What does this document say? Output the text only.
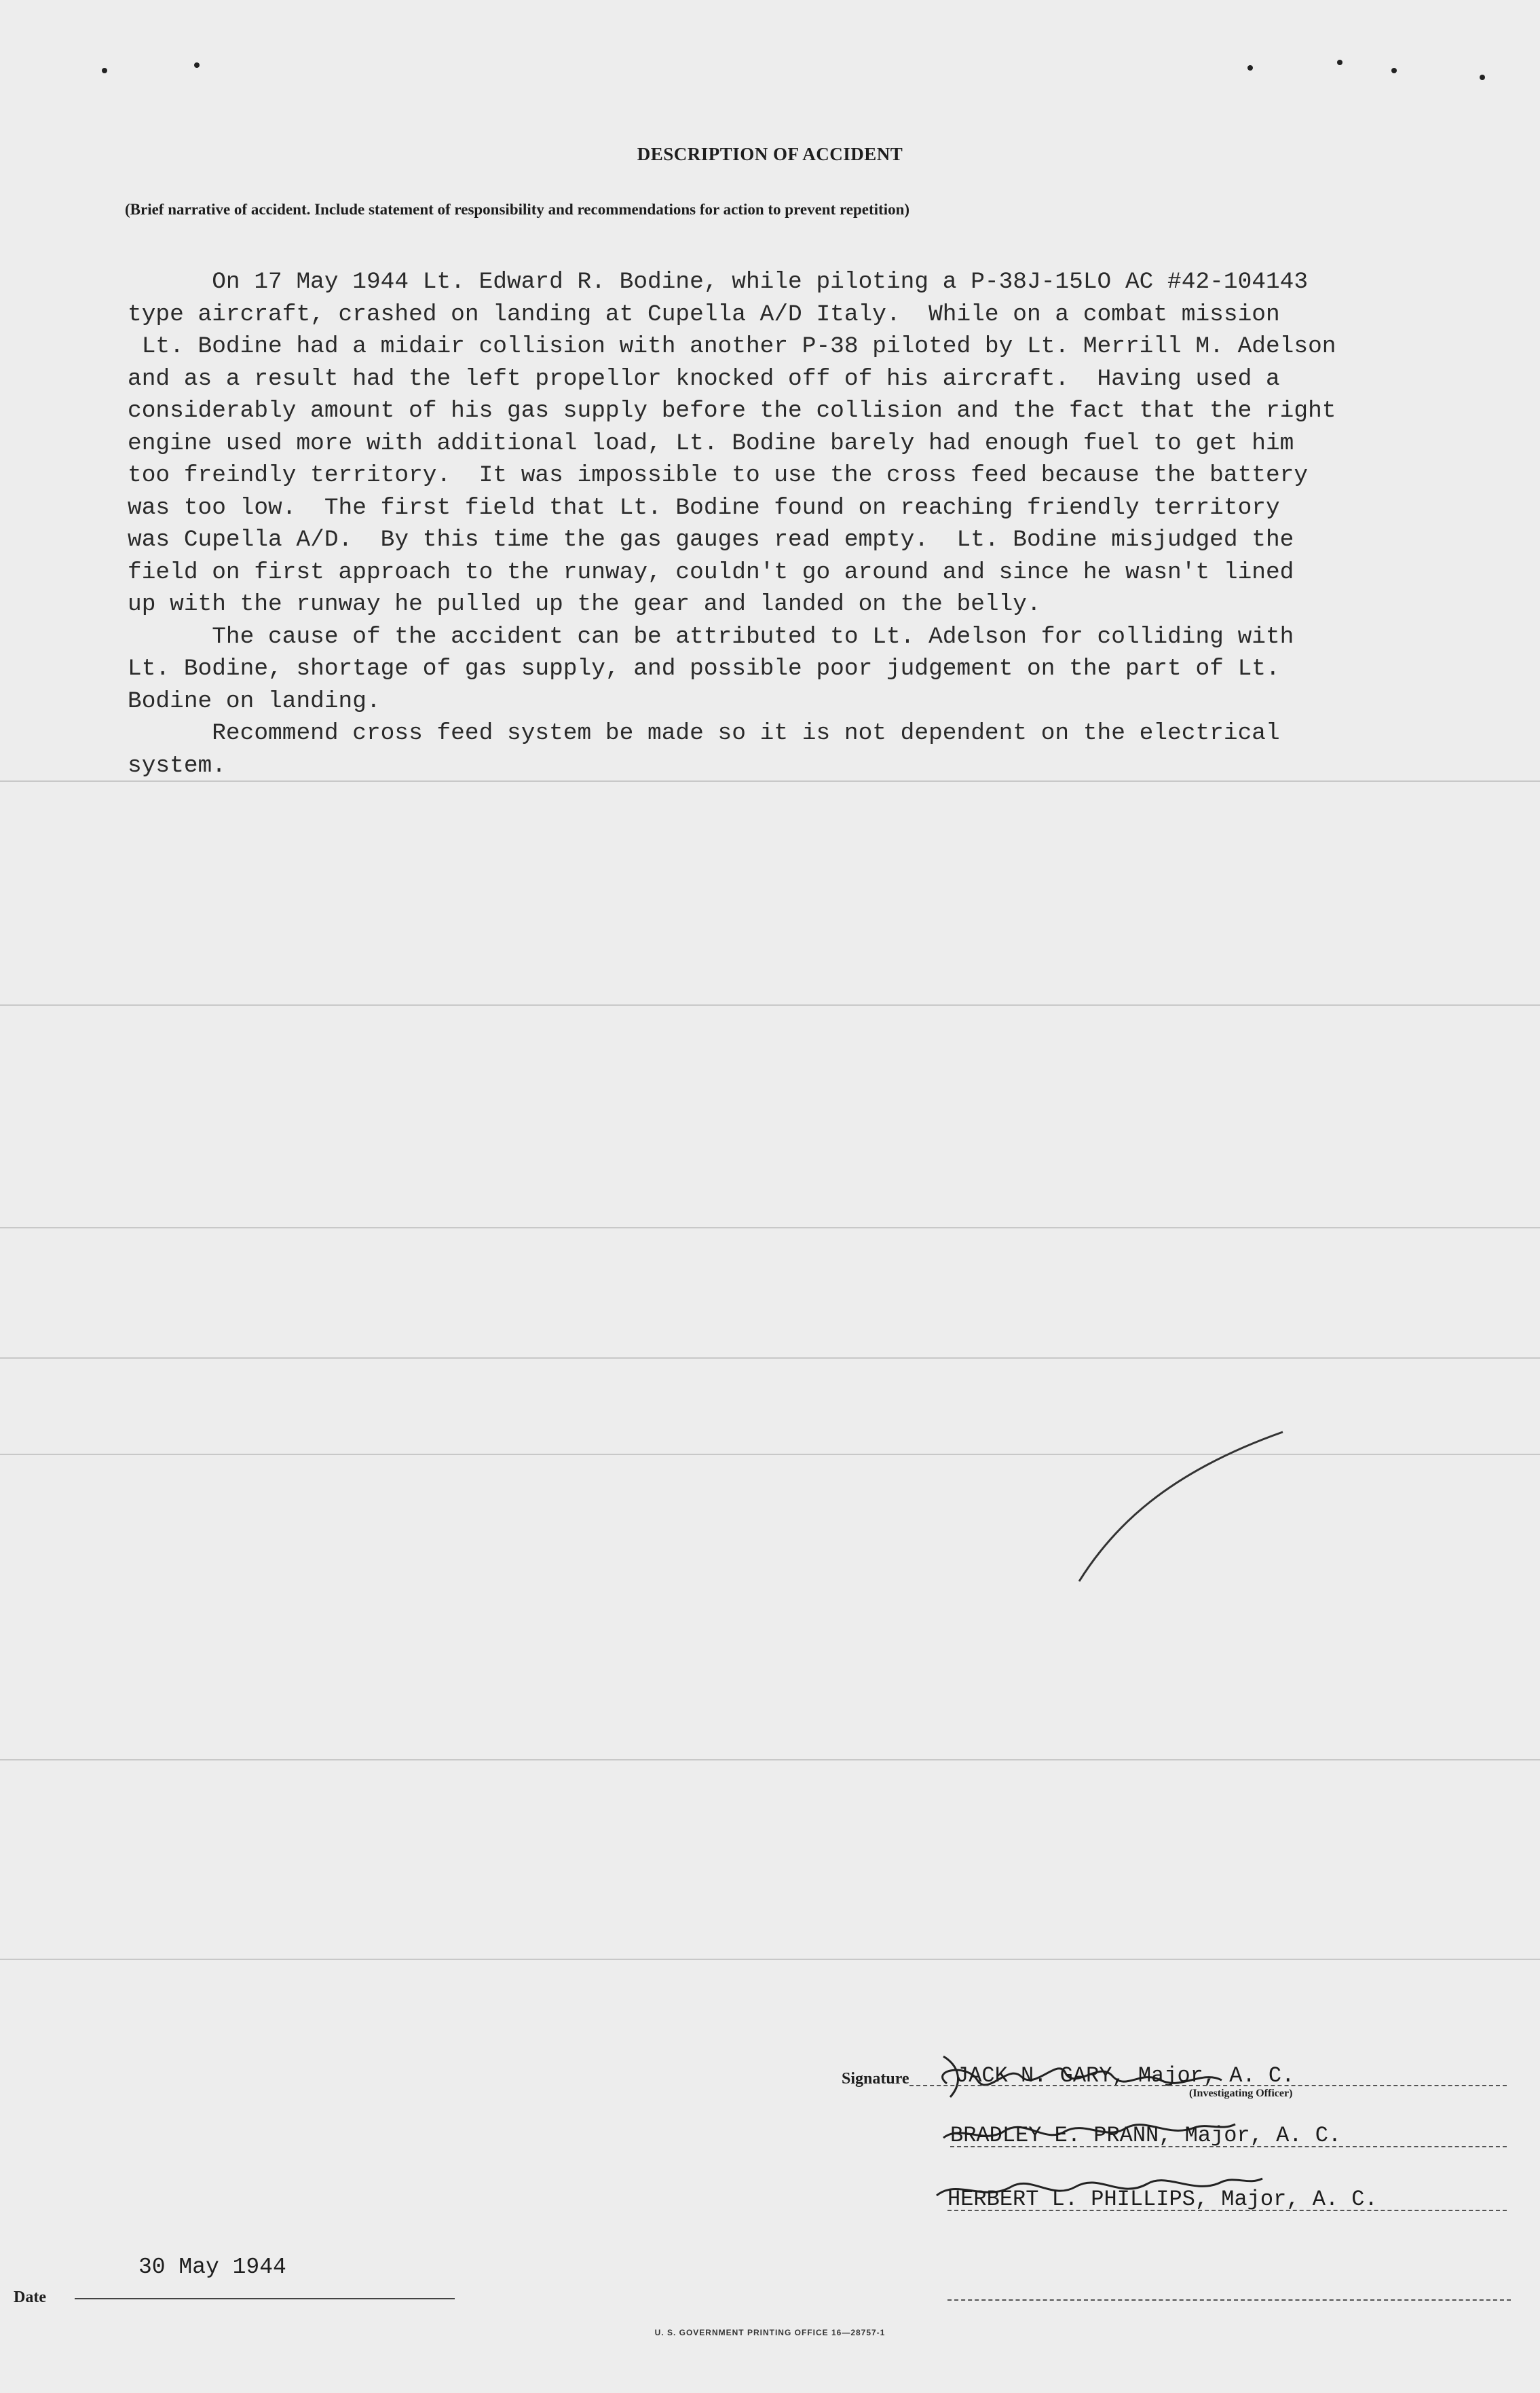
DESCRIPTION OF ACCIDENT
(Brief narrative of accident. Include statement of responsibility and recommendations for action to prevent repetition)
On 17 May 1944 Lt. Edward R. Bodine, while piloting a P-38J-15LO AC #42-104143
type aircraft, crashed on landing at Cupella A/D Italy.  While on a combat mission
Lt. Bodine had a midair collision with another P-38 piloted by Lt. Merrill M. Adelson
and as a result had the left propellor knocked off of his aircraft.  Having used a
considerably amount of his gas supply before the collision and the fact that the right
engine used more with additional load, Lt. Bodine barely had enough fuel to get him
too freindly territory.  It was impossible to use the cross feed because the battery
was too low.  The first field that Lt. Bodine found on reaching friendly territory
was Cupella A/D.  By this time the gas gauges read empty.  Lt. Bodine misjudged the
field on first approach to the runway, couldn't go around and since he wasn't lined
up with the runway he pulled up the gear and landed on the belly.
The cause of the accident can be attributed to Lt. Adelson for colliding with
Lt. Bodine, shortage of gas supply, and possible poor judgement on the part of Lt.
Bodine on landing.
Recommend cross feed system be made so it is not dependent on the electrical
system.
Signature JACK N. GARY, Major, A. C.
(Investigating Officer)
BRADLEY E. PRANN, Major, A. C.
HERBERT L. PHILLIPS, Major, A. C.
Date
30 May 1944
U. S. GOVERNMENT PRINTING OFFICE 16—28757-1
